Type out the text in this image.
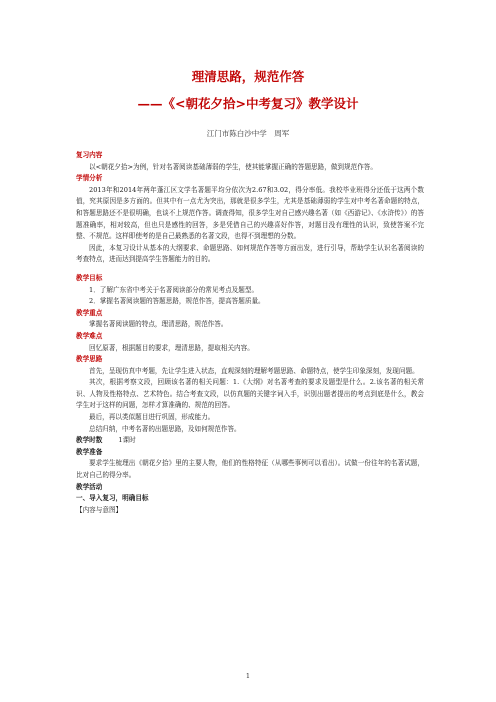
理清思路，规范作答
——《<朝花夕拾>中考复习》教学设计
江门市陈白沙中学　周军
复习内容
以<朝花夕拾>为例，针对名著阅读基础薄弱的学生，使其能掌握正确的答题思路，做到规范作答。
学情分析
2013年和2014年两年蓬江区文学名著题平均分依次为2.67和3.02，得分率低。我校毕业班得分还低于这两个数值，究其原因是多方面的。但其中有一点尤为突出，那就是很多学生，尤其是基础薄弱的学生对中考名著命题的特点，和答题思路还不是很明确，也谈不上规范作答。调查得知，很多学生对自己感兴趣名著（如《西游记》、《水浒传》）的答题准确率，相对较高，但也只是感性的回答，多是凭借自己的兴趣喜好作答，对题目没有理性的认识，致使答案不完整、不规范。这样即使考的是自己最熟悉的名著文段，也得不到理想的分数。
因此，本复习设计从基本的大纲要求、命题思路、如何规范作答等方面出发，进行引导，帮助学生认识名著阅读的考查特点，进而达到提高学生答题能力的目的。
教学目标
1．了解广东省中考关于名著阅读部分的常见考点及题型。
2．掌握名著阅读题的答题思路，规范作答，提高答题质量。
教学重点
掌握名著阅读题的特点，理清思路，规范作答。
教学难点
回忆原著，根据题目的要求，理清思路，提取相关内容。
教学思路
首先，呈现仿真中考题，先让学生进入状态，直观深刻的理解考题思路、命题特点，使学生印象深刻，发现问题。
其次，根据考察文段，回顾该名著的相关问题：1.《大纲》对名著考查的要求及题型是什么。2.该名著的相关常识、人物及性格特点、艺术特色。结合考查文段，以仿真题的关键字词入手，识别出题者提出的考点到底是什么，教会学生对于这样的问题，怎样才算准确的、规范的回答。
最后，再以类似题目进行巩固，形成能力。
总结归纳，中考名著的出题思路，及如何规范作答。
教学时数 1课时
教学准备
要求学生梳理出《朝花夕拾》里的主要人物，他们的性格特征（从哪些事例可以看出）。试做一份往年的名著试题，比对自己的得分率。
教学活动
一、导入复习，明确目标
【内容与意图】
1
